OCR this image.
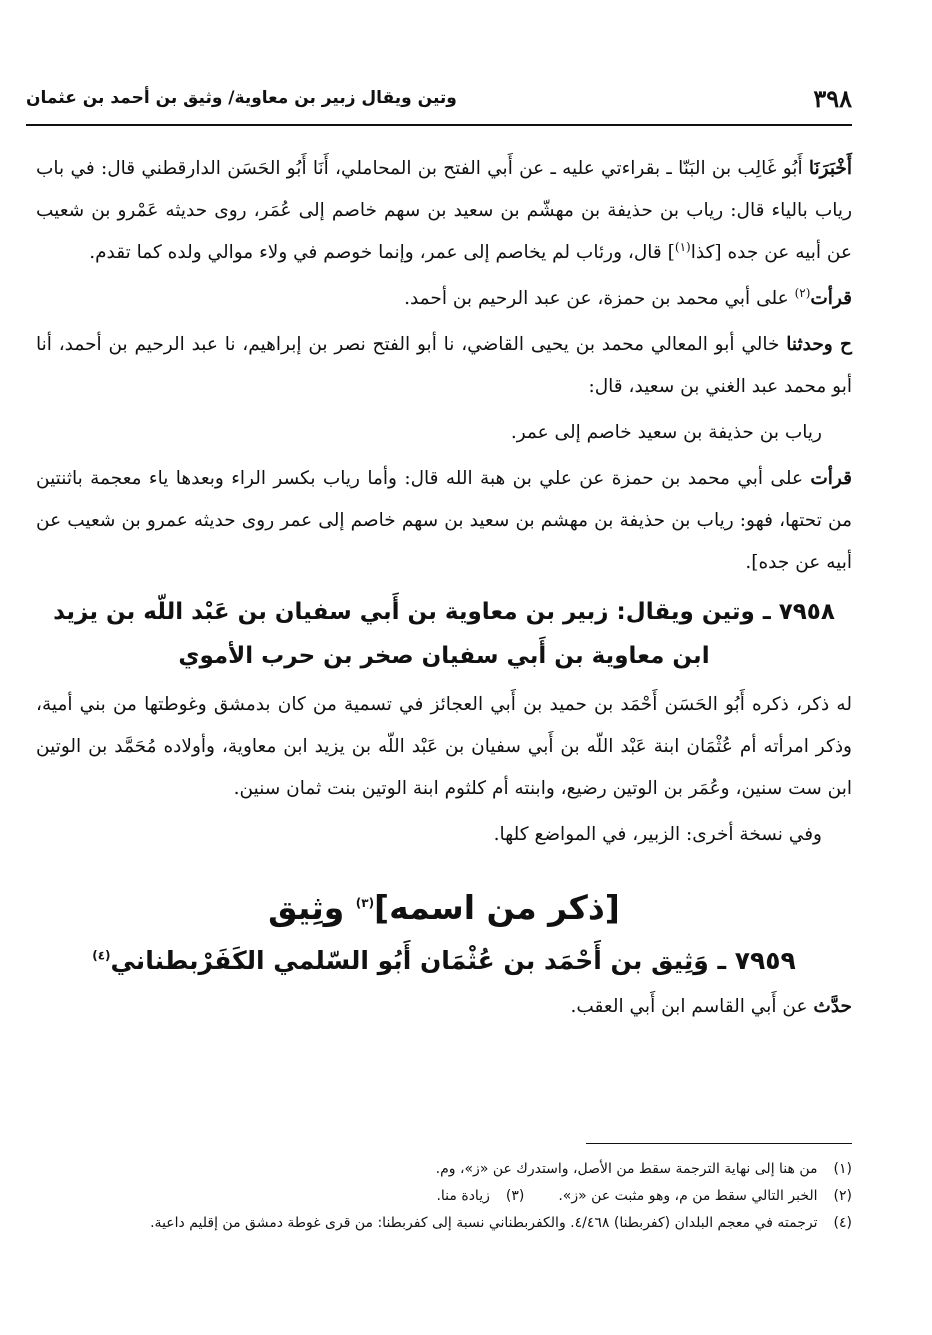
٣٩٨
وتين ويقال زبير بن معاوية/ وثيق بن أحمد بن عثمان

أَخْبَرَنَا أَبُو غَالِب بن البَنّا ـ بقراءتي عليه ـ عن أَبي الفتح بن المحاملي، أَنَا أَبُو الحَسَن الدارقطني قال: في باب رياب بالياء قال: رياب بن حذيفة بن مهشّم بن سعيد بن سهم خاصم إلى عُمَر، روى حديثه عَمْرو بن شعيب عن أبيه عن جده [كذا$^{(١)}$] قال، ورئاب لم يخاصم إلى عمر، وإنما خوصم في ولاء موالي ولده كما تقدم.

قرأت$^{(٢)}$ على أبي محمد بن حمزة، عن عبد الرحيم بن أحمد.

ح وحدثنا خالي أبو المعالي محمد بن يحيى القاضي، نا أبو الفتح نصر بن إبراهيم، نا عبد الرحيم بن أحمد، أنا أبو محمد عبد الغني بن سعيد، قال:

رياب بن حذيفة بن سعيد خاصم إلى عمر.

قرأت على أبي محمد بن حمزة عن علي بن هبة الله قال: وأما رياب بكسر الراء وبعدها ياء معجمة باثنتين من تحتها، فهو: رياب بن حذيفة بن مهشم بن سعيد بن سهم خاصم إلى عمر روى حديثه عمرو بن شعيب عن أبيه عن جده].

٧٩٥٨ ـ وتين ويقال: زبير بن معاوية بن أَبي سفيان بن عَبْد اللّه بن يزيد
ابن معاوية بن أَبي سفيان صخر بن حرب الأموي

له ذكر، ذكره أَبُو الحَسَن أَحْمَد بن حميد بن أَبي العجائز في تسمية من كان بدمشق وغوطتها من بني أمية، وذكر امرأته أم عُثْمَان ابنة عَبْد اللّه بن أَبي سفيان بن عَبْد اللّه بن يزيد ابن معاوية، وأولاده مُحَمَّد بن الوتين ابن ست سنين، وعُمَر بن الوتين رضيع، وابنته أم كلثوم ابنة الوتين بنت ثمان سنين.

وفي نسخة أخرى: الزبير، في المواضع كلها.

[ذكر من اسمه]$^{(٣)}$ وثِيق
٧٩٥٩ ـ وَثِيق بن أَحْمَد بن عُثْمَان أَبُو السّلمي الكَفَرْبطناني$^{(٤)}$

حدَّث عن أَبي القاسم ابن أَبي العقب.

(١)من هنا إلى نهاية الترجمة سقط من الأصل، واستدرك عن «ز»، وم.

(٢)الخبر التالي سقط من م، وهو مثبت عن «ز».(٣)زيادة منا.

(٤)ترجمته في معجم البلدان (كفربطنا) ٤/٤٦٨. والكفربطناني نسبة إلى كفربطنا: من قرى غوطة دمشق من إقليم داعية.
